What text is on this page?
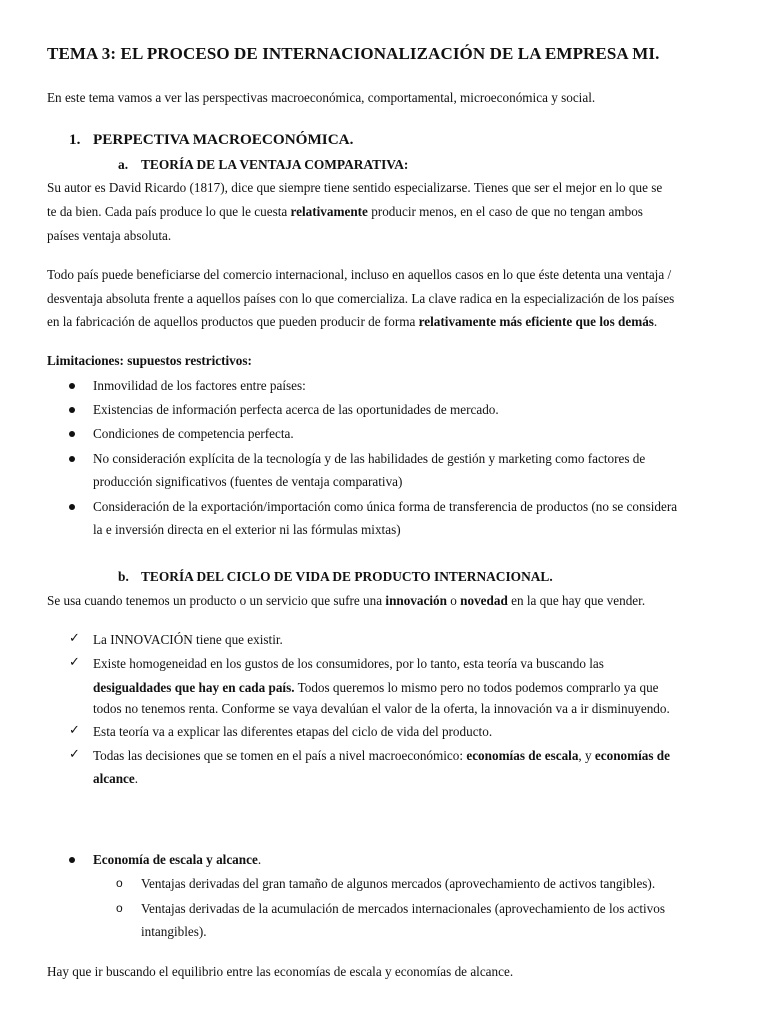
TEMA 3: EL PROCESO DE INTERNACIONALIZACIÓN DE LA EMPRESA MI.
En este tema vamos a ver las perspectivas macroeconómica, comportamental, microeconómica y social.
1. PERPECTIVA MACROECONÓMICA.
a. TEORÍA DE LA VENTAJA COMPARATIVA:
Su autor es David Ricardo (1817), dice que siempre tiene sentido especializarse. Tienes que ser el mejor en lo que se
te da bien. Cada país produce lo que le cuesta relativamente producir menos, en el caso de que no tengan ambos
países ventaja absoluta.
Todo país puede beneficiarse del comercio internacional, incluso en aquellos casos en lo que éste detenta una ventaja /
desventaja absoluta frente a aquellos países con lo que comercializa. La clave radica en la especialización de los países
en la fabricación de aquellos productos que pueden producir de forma relativamente más eficiente que los demás.
Limitaciones: supuestos restrictivos:
Inmovilidad de los factores entre países:
Existencias de información perfecta acerca de las oportunidades de mercado.
Condiciones de competencia perfecta.
No consideración explícita de la tecnología y de las habilidades de gestión y marketing como factores de
producción significativos (fuentes de ventaja comparativa)
Consideración de la exportación/importación como única forma de transferencia de productos (no se considera
la e inversión directa en el exterior ni las fórmulas mixtas)
b. TEORÍA DEL CICLO DE VIDA DE PRODUCTO INTERNACIONAL.
Se usa cuando tenemos un producto o un servicio que sufre una innovación o novedad en la que hay que vender.
✓ La INNOVACIÓN tiene que existir.
✓ Existe homogeneidad en los gustos de los consumidores, por lo tanto, esta teoría va buscando las
desigualdades que hay en cada país. Todos queremos lo mismo pero no todos podemos comprarlo ya que
todos no tenemos renta. Conforme se vaya devalúan el valor de la oferta, la innovación va a ir disminuyendo.
✓ Esta teoría va a explicar las diferentes etapas del ciclo de vida del producto.
✓ Todas las decisiones que se tomen en el país a nivel macroeconómico: economías de escala, y economías de
alcance.
Economía de escala y alcance.
o Ventajas derivadas del gran tamaño de algunos mercados (aprovechamiento de activos tangibles).
o Ventajas derivadas de la acumulación de mercados internacionales (aprovechamiento de los activos
intangibles).
Hay que ir buscando el equilibrio entre las economías de escala y economías de alcance.
